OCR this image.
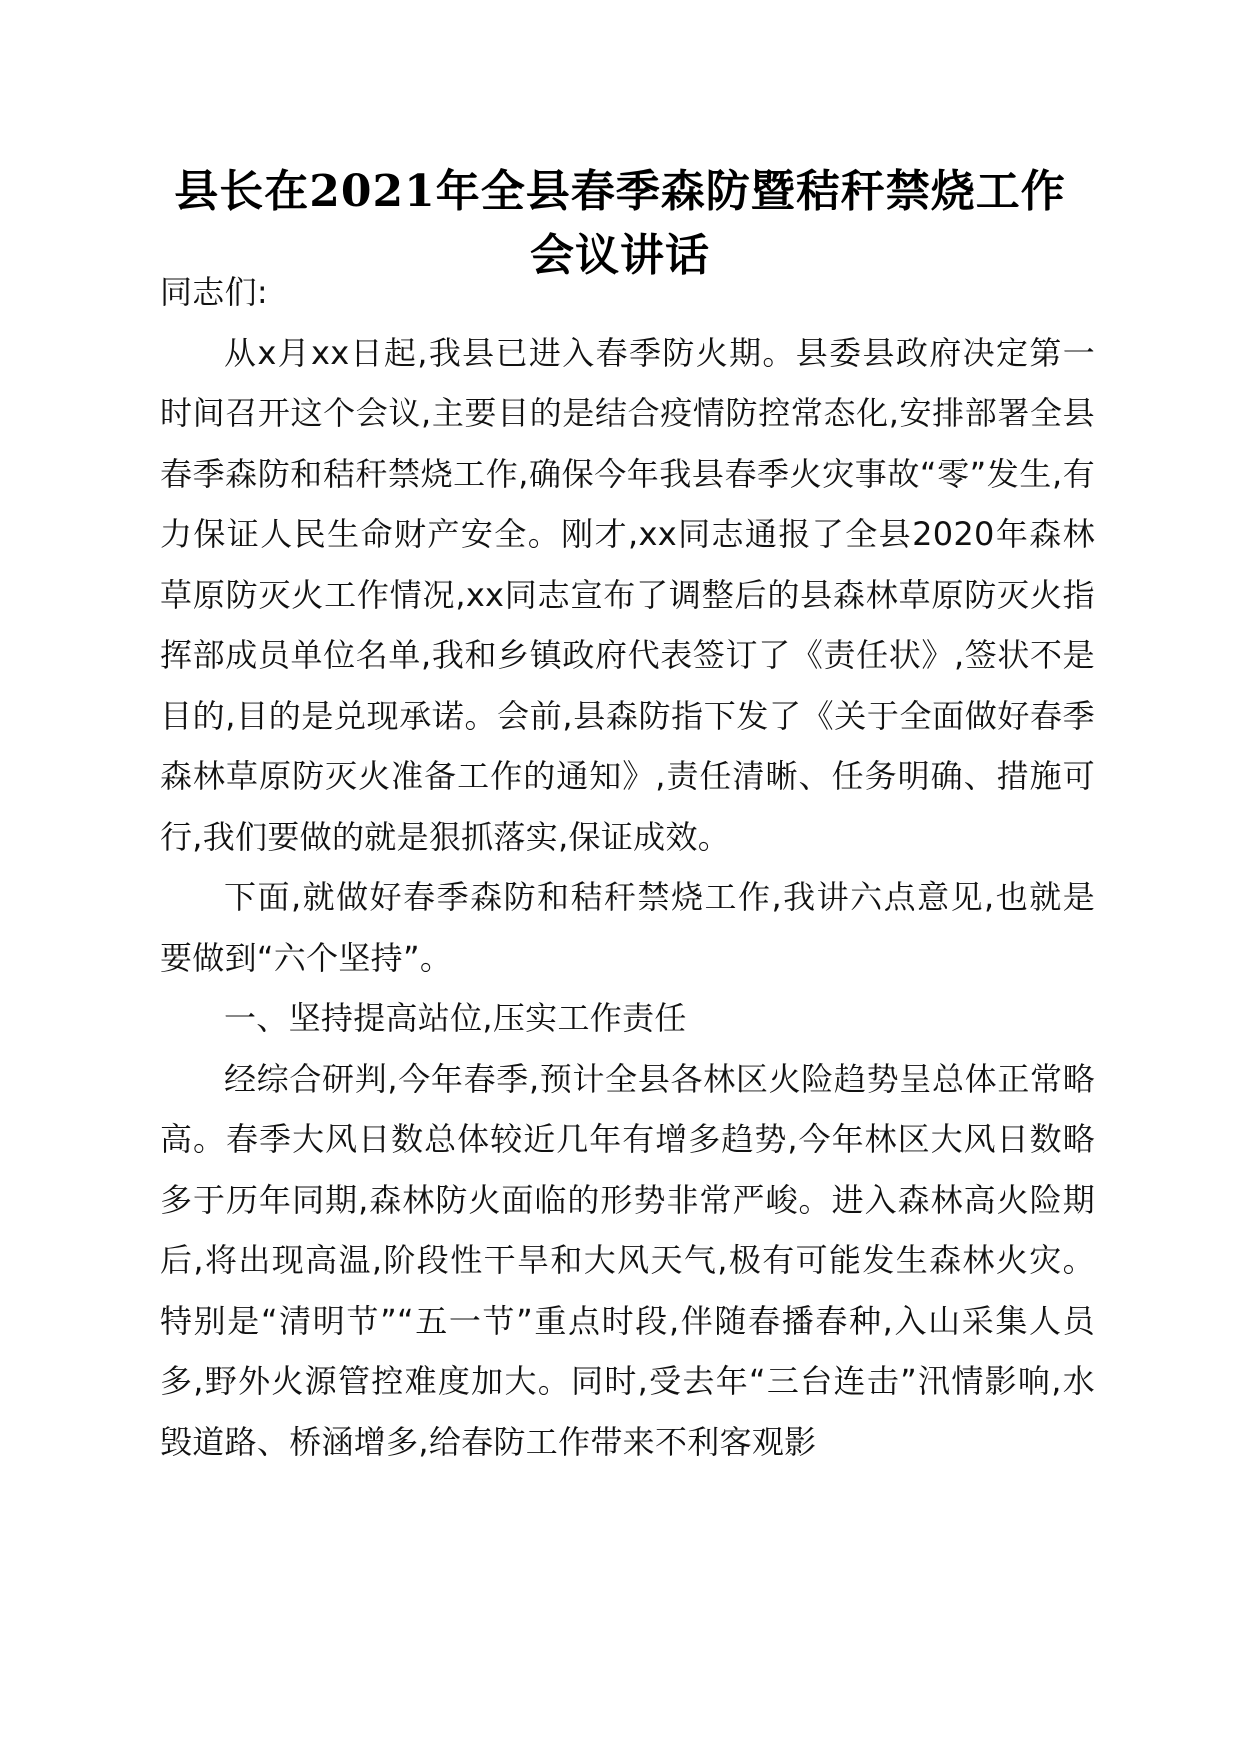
县长在2021年全县春季森防暨秸秆禁烧工作
会议讲话

同志们:

从x月xx日起,我县已进入春季防火期。县委县政府决定第一时间召开这个会议,主要目的是结合疫情防控常态化,安排部署全县春季森防和秸秆禁烧工作,确保今年我县春季火灾事故“零”发生,有力保证人民生命财产安全。刚才,xx同志通报了全县2020年森林草原防灭火工作情况,xx同志宣布了调整后的县森林草原防灭火指挥部成员单位名单,我和乡镇政府代表签订了《责任状》,签状不是目的,目的是兑现承诺。会前,县森防指下发了《关于全面做好春季森林草原防灭火准备工作的通知》,责任清晰、任务明确、措施可行,我们要做的就是狠抓落实,保证成效。

下面,就做好春季森防和秸秆禁烧工作,我讲六点意见,也就是要做到“六个坚持”。

一、坚持提高站位,压实工作责任

经综合研判,今年春季,预计全县各林区火险趋势呈总体正常略高。春季大风日数总体较近几年有增多趋势,今年林区大风日数略多于历年同期,森林防火面临的形势非常严峻。进入森林高火险期后,将出现高温,阶段性干旱和大风天气,极有可能发生森林火灾。特别是“清明节”“五一节”重点时段,伴随春播春种,入山采集人员多,野外火源管控难度加大。同时,受去年“三台连击”汛情影响,水毁道路、桥涵增多,给春防工作带来不利客观影
